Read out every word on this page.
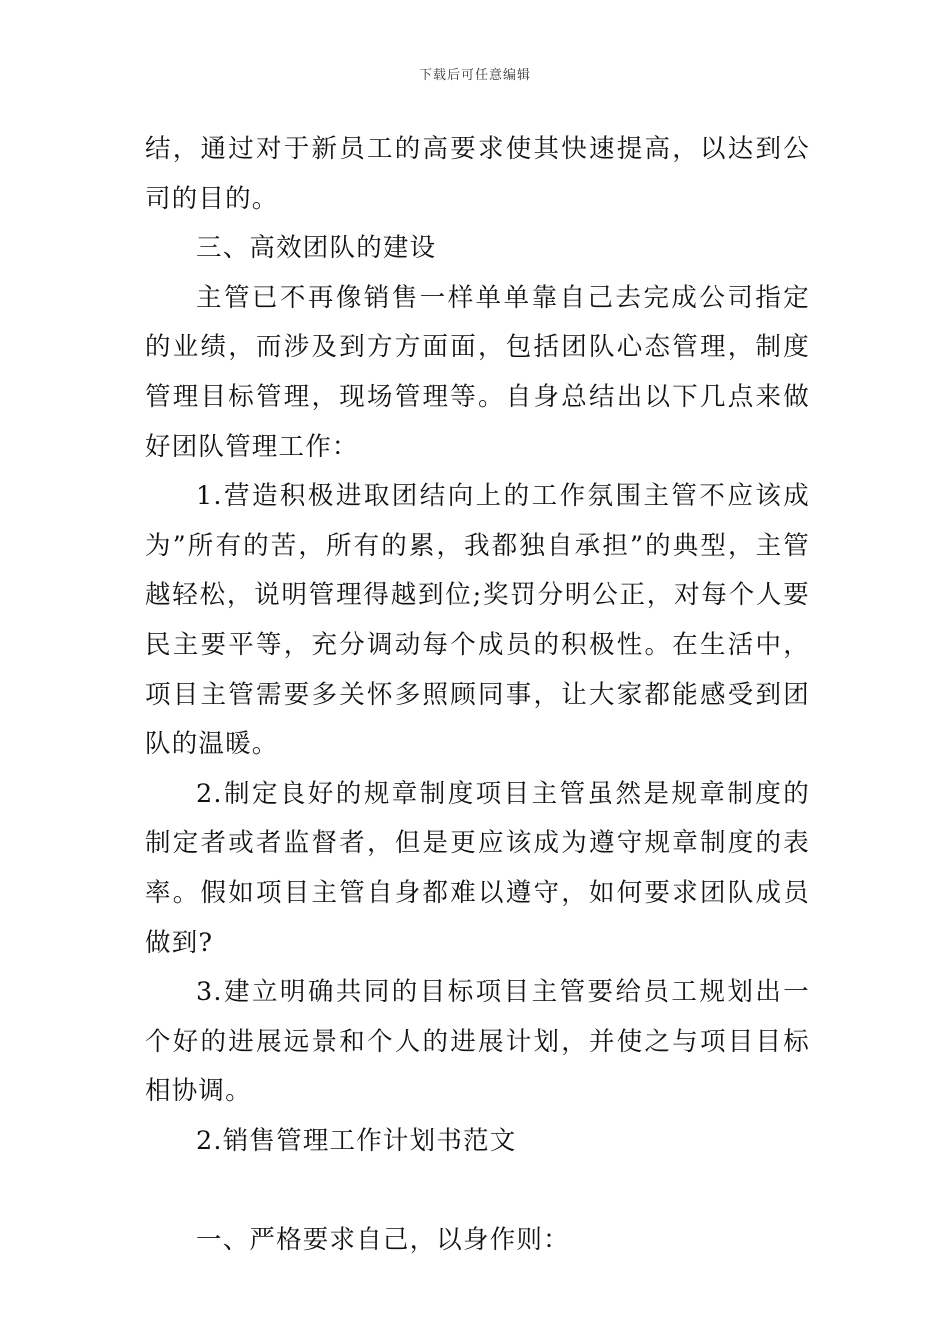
下载后可任意编辑

结，通过对于新员工的高要求使其快速提高，以达到公司的目的。

三、高效团队的建设

主管已不再像销售一样单单靠自己去完成公司指定的业绩，而涉及到方方面面，包括团队心态管理，制度管理目标管理，现场管理等。自身总结出以下几点来做好团队管理工作：

1.营造积极进取团结向上的工作氛围主管不应该成为”所有的苦，所有的累，我都独自承担”的典型，主管越轻松，说明管理得越到位;奖罚分明公正，对每个人要民主要平等，充分调动每个成员的积极性。在生活中，项目主管需要多关怀多照顾同事，让大家都能感受到团队的温暖。

2.制定良好的规章制度项目主管虽然是规章制度的制定者或者监督者，但是更应该成为遵守规章制度的表率。假如项目主管自身都难以遵守，如何要求团队成员做到?

3.建立明确共同的目标项目主管要给员工规划出一个好的进展远景和个人的进展计划，并使之与项目目标相协调。

2.销售管理工作计划书范文

一、严格要求自己，以身作则：
